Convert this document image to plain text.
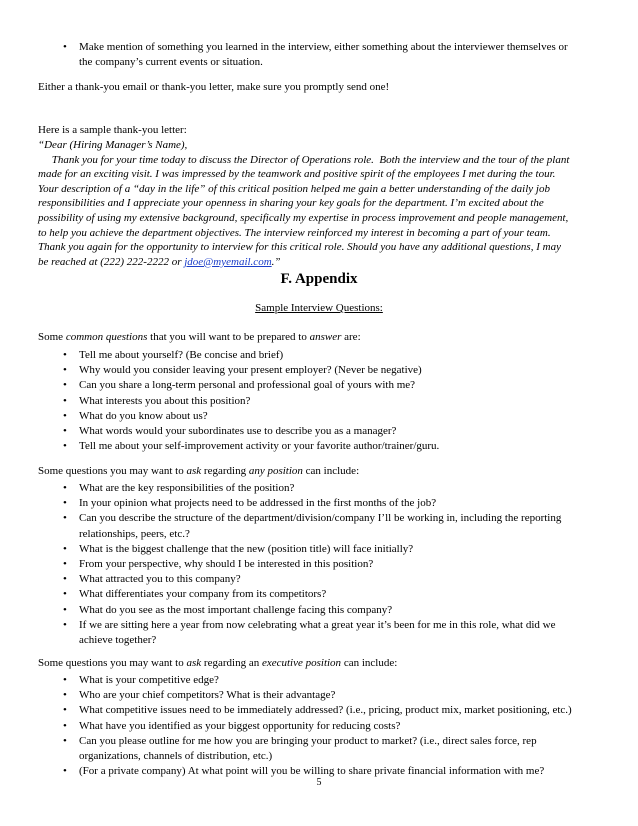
• Make mention of something you learned in the interview, either something about the interviewer themselves or
the company’s current events or situation.
Either a thank-you email or thank-you letter, make sure you promptly send one!
Here is a sample thank-you letter:
“Dear (Hiring Manager’s Name),
Thank you for your time today to discuss the Director of Operations role.  Both the interview and the tour of the plant
made for an exciting visit. I was impressed by the teamwork and positive spirit of the employees I met during the tour.
Your description of a “day in the life” of this critical position helped me gain a better understanding of the daily job
responsibilities and I appreciate your openness in sharing your key goals for the department. I’m excited about the
possibility of using my extensive background, specifically my expertise in process improvement and people management,
to help you achieve the department objectives. The interview reinforced my interest in becoming a part of your team.
Thank you again for the opportunity to interview for this critical role. Should you have any additional questions, I may
be reached at (222) 222-2222 or jdoe@myemail.com.”
F. Appendix
Sample Interview Questions:
Some common questions that you will want to be prepared to answer are:
• Tell me about yourself? (Be concise and brief)
• Why would you consider leaving your present employer? (Never be negative)
• Can you share a long-term personal and professional goal of yours with me?
• What interests you about this position?
• What do you know about us?
• What words would your subordinates use to describe you as a manager?
• Tell me about your self-improvement activity or your favorite author/trainer/guru.
Some questions you may want to ask regarding any position can include:
• What are the key responsibilities of the position?
• In your opinion what projects need to be addressed in the first months of the job?
• Can you describe the structure of the department/division/company I’ll be working in, including the reporting
relationships, peers, etc.?
• What is the biggest challenge that the new (position title) will face initially?
• From your perspective, why should I be interested in this position?
• What attracted you to this company?
• What differentiates your company from its competitors?
• What do you see as the most important challenge facing this company?
• If we are sitting here a year from now celebrating what a great year it’s been for me in this role, what did we
achieve together?
Some questions you may want to ask regarding an executive position can include:
• What is your competitive edge?
• Who are your chief competitors? What is their advantage?
• What competitive issues need to be immediately addressed? (i.e., pricing, product mix, market positioning, etc.)
• What have you identified as your biggest opportunity for reducing costs?
• Can you please outline for me how you are bringing your product to market? (i.e., direct sales force, rep
organizations, channels of distribution, etc.)
• (For a private company) At what point will you be willing to share private financial information with me?
5
